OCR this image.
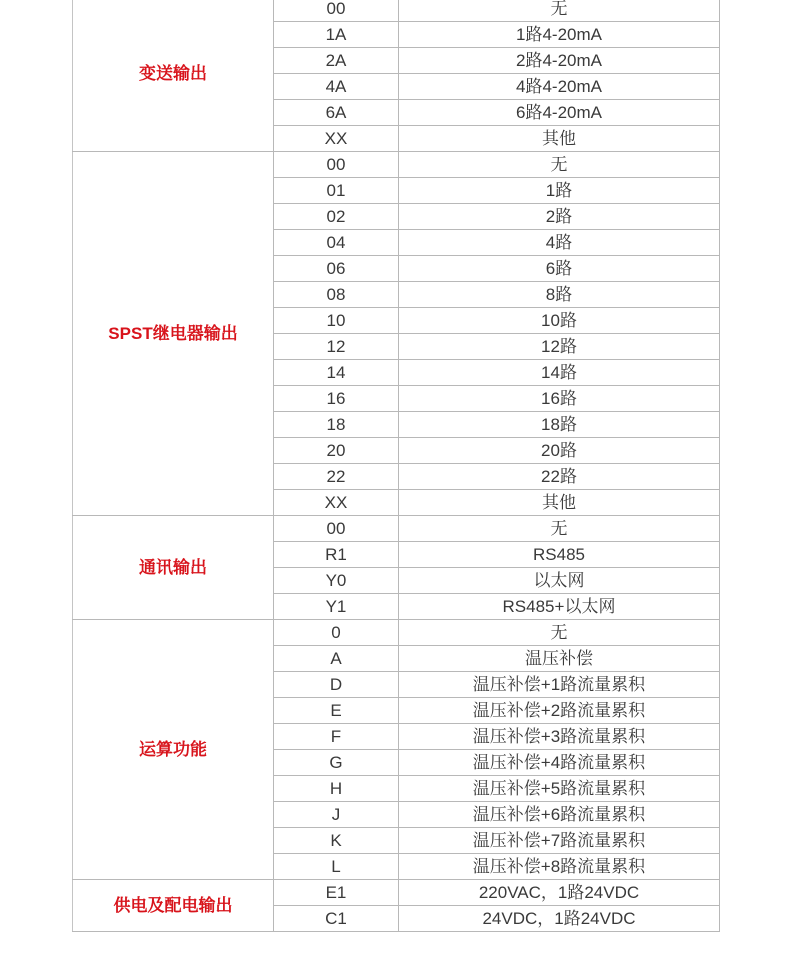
变送输出	00	无
	1A	1路4-20mA
	2A	2路4-20mA
	4A	4路4-20mA
	6A	6路4-20mA
	XX	其他
SPST继电器输出	00	无
	01	1路
	02	2路
	04	4路
	06	6路
	08	8路
	10	10路
	12	12路
	14	14路
	16	16路
	18	18路
	20	20路
	22	22路
	XX	其他
通讯输出	00	无
	R1	RS485
	Y0	以太网
	Y1	RS485+以太网
运算功能	0	无
	A	温压补偿
	D	温压补偿+1路流量累积
	E	温压补偿+2路流量累积
	F	温压补偿+3路流量累积
	G	温压补偿+4路流量累积
	H	温压补偿+5路流量累积
	J	温压补偿+6路流量累积
	K	温压补偿+7路流量累积
	L	温压补偿+8路流量累积
供电及配电输出	E1	220VAC，1路24VDC
	C1	24VDC，1路24VDC
